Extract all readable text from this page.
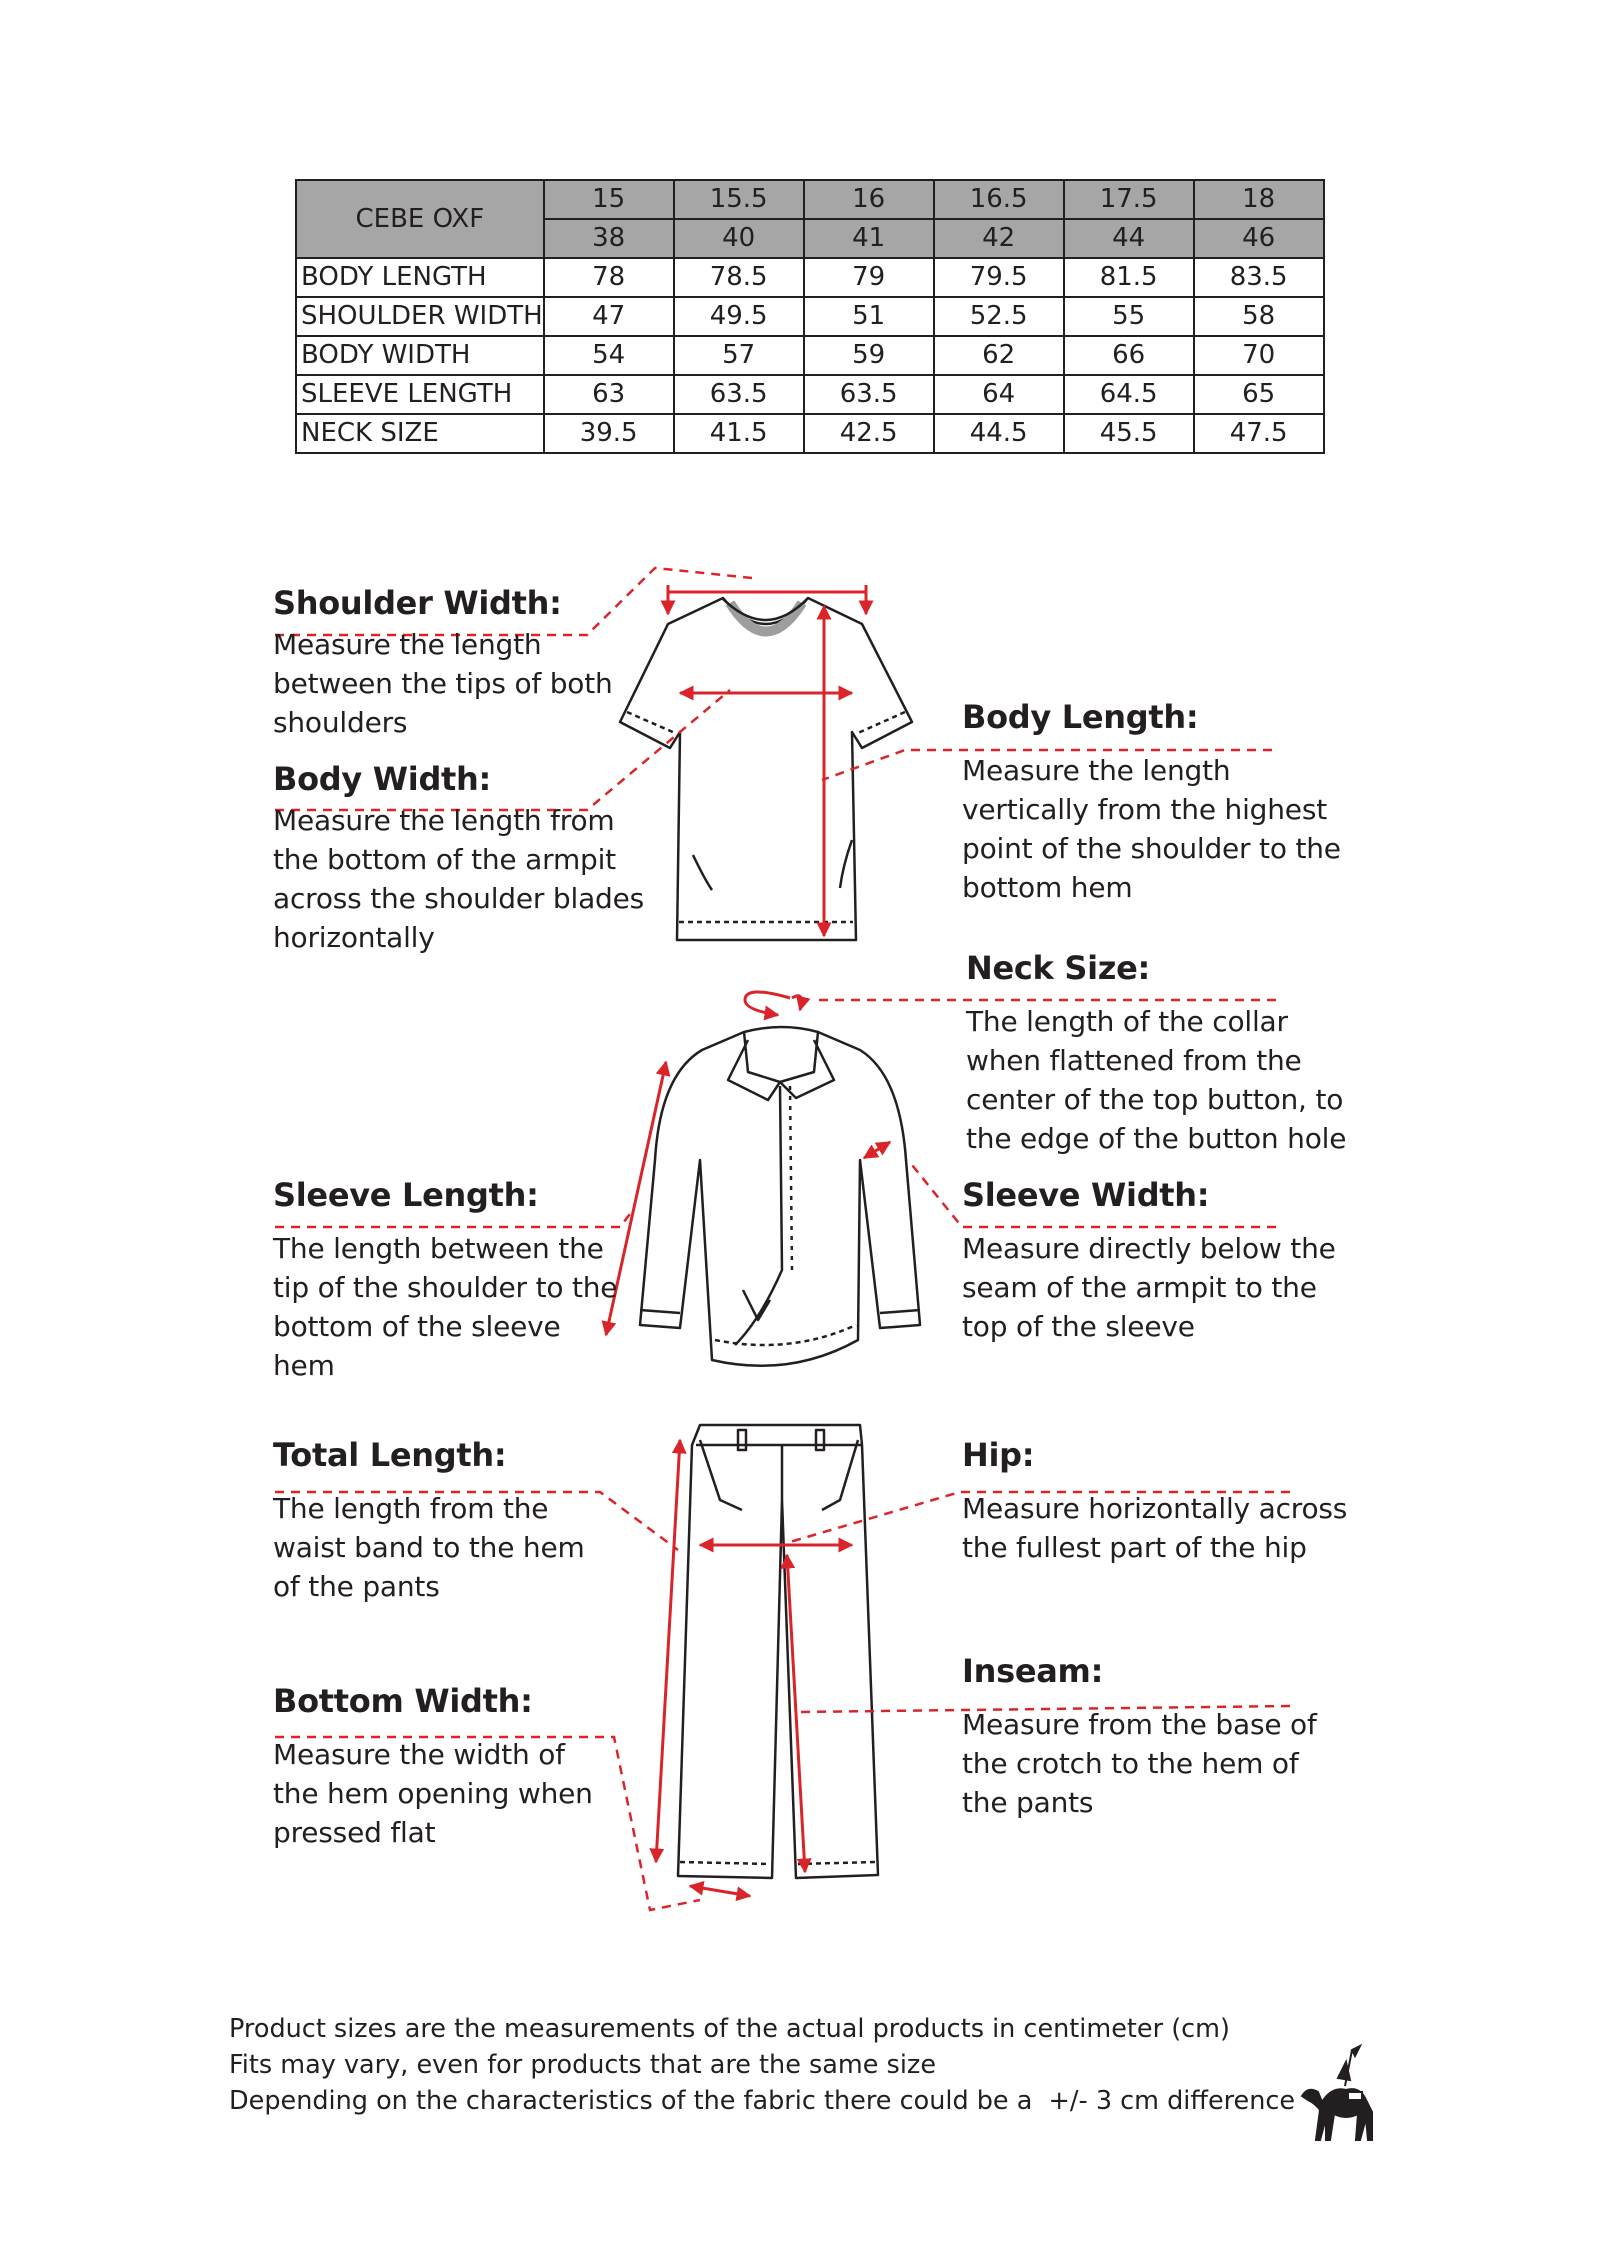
CEBE OXF	15	15.5	16	16.5	17.5	18
	38	40	41	42	44	46
BODY LENGTH	78	78.5	79	79.5	81.5	83.5
SHOULDER WIDTH	47	49.5	51	52.5	55	58
BODY WIDTH	54	57	59	62	66	70
SLEEVE LENGTH	63	63.5	63.5	64	64.5	65
NECK SIZE	39.5	41.5	42.5	44.5	45.5	47.5
Shoulder Width:
Measure the length
between the tips of both
shoulders
Body Width:
Measure the length from
the bottom of the armpit
across the shoulder blades
horizontally
Body Length:
Measure the length
vertically from the highest
point of the shoulder to the
bottom hem
Neck Size:
The length of the collar
when flattened from the
center of the top button, to
the edge of the button hole
Sleeve Length:
The length between the
tip of the shoulder to the
bottom of the sleeve
hem
Sleeve Width:
Measure directly below the
seam of the armpit to the
top of the sleeve
Total Length:
The length from the
waist band to the hem
of the pants
Hip:
Measure horizontally across
the fullest part of the hip
Bottom Width:
Measure the width of
the hem opening when
pressed flat
Inseam:
Measure from the base of
the crotch to the hem of
the pants
Product sizes are the measurements of the actual products in centimeter (cm)
Fits may vary, even for products that are the same size
Depending on the characteristics of the fabric there could be a  +/- 3 cm difference
